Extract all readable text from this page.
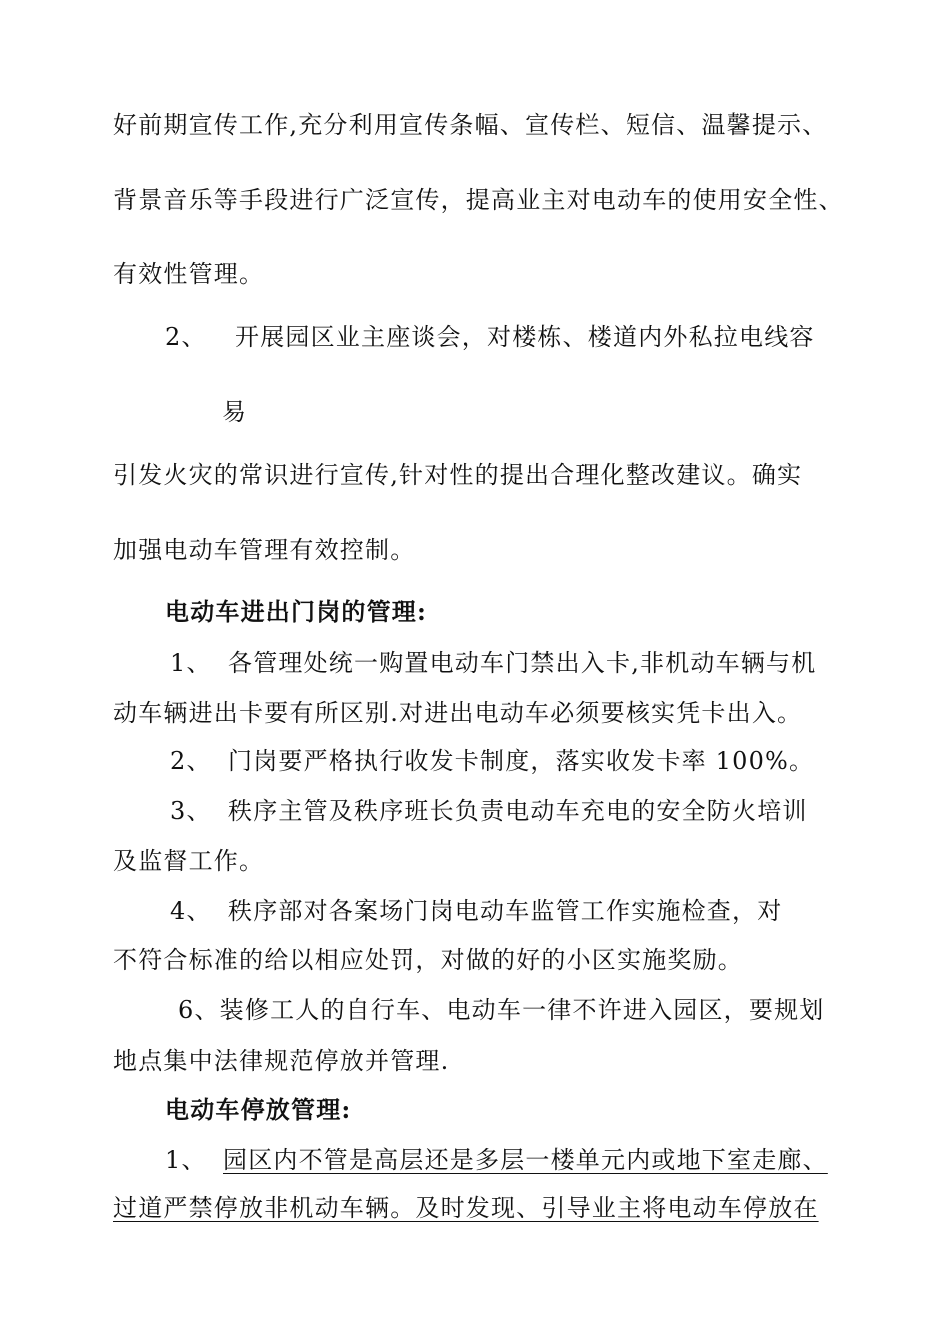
好前期宣传工作,充分利用宣传条幅、宣传栏、短信、温馨提示、
背景音乐等手段进行广泛宣传，提高业主对电动车的使用安全性、
有效性管理。
2、 开展园区业主座谈会，对楼栋、楼道内外私拉电线容
易
引发火灾的常识进行宣传,针对性的提出合理化整改建议。确实
加强电动车管理有效控制。
电动车进出门岗的管理:
1、 各管理处统一购置电动车门禁出入卡,非机动车辆与机
动车辆进出卡要有所区别.对进出电动车必须要核实凭卡出入。
2、 门岗要严格执行收发卡制度，落实收发卡率 100%。
3、 秩序主管及秩序班长负责电动车充电的安全防火培训
及监督工作。
4、 秩序部对各案场门岗电动车监管工作实施检查，对
不符合标准的给以相应处罚，对做的好的小区实施奖励。
6、装修工人的自行车、电动车一律不许进入园区，要规划
地点集中法律规范停放并管理.
电动车停放管理:
1、 园区内不管是高层还是多层一楼单元内或地下室走廊、
过道严禁停放非机动车辆。及时发现、引导业主将电动车停放在
